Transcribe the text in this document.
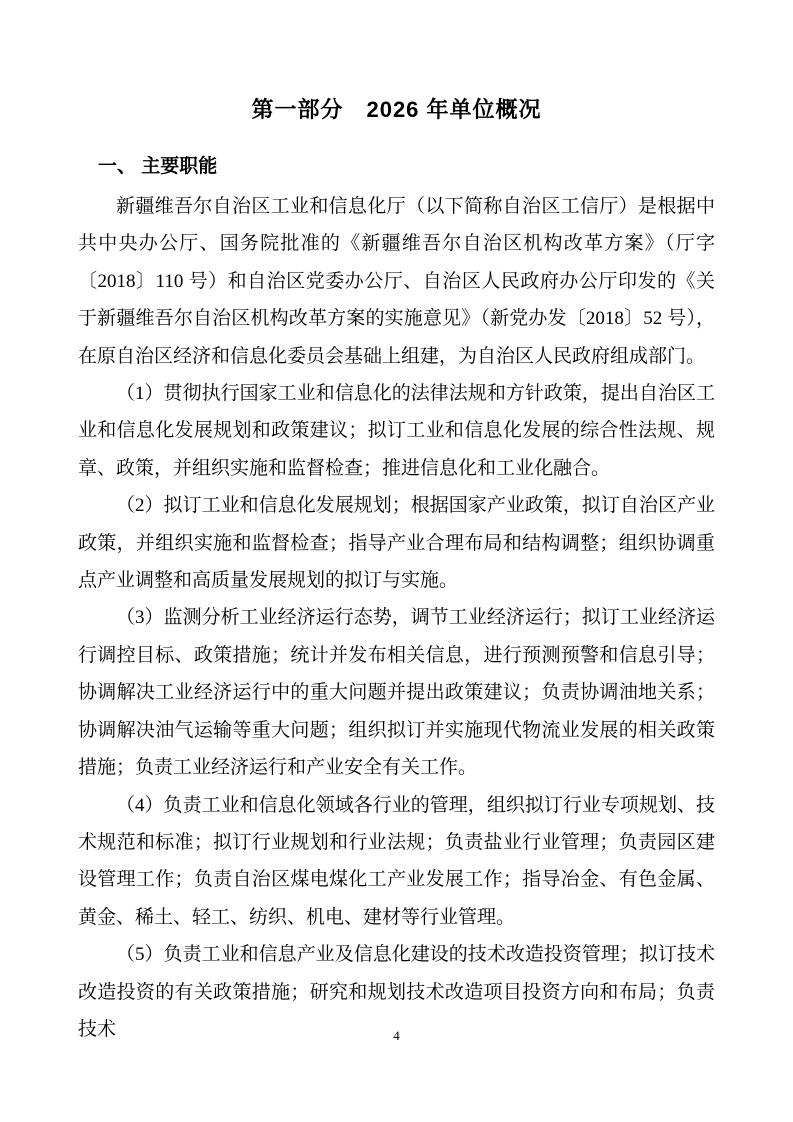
第一部分　2026 年单位概况
一、 主要职能

新疆维吾尔自治区工业和信息化厅（以下简称自治区工信厅）是根据中共中央办公厅、国务院批准的《新疆维吾尔自治区机构改革方案》（厅字〔2018〕110 号）和自治区党委办公厅、自治区人民政府办公厅印发的《关于新疆维吾尔自治区机构改革方案的实施意见》（新党办发〔2018〕52 号），在原自治区经济和信息化委员会基础上组建，为自治区人民政府组成部门。

（1）贯彻执行国家工业和信息化的法律法规和方针政策，提出自治区工业和信息化发展规划和政策建议；拟订工业和信息化发展的综合性法规、规章、政策，并组织实施和监督检查；推进信息化和工业化融合。

（2）拟订工业和信息化发展规划；根据国家产业政策，拟订自治区产业政策，并组织实施和监督检查；指导产业合理布局和结构调整；组织协调重点产业调整和高质量发展规划的拟订与实施。

（3）监测分析工业经济运行态势，调节工业经济运行；拟订工业经济运行调控目标、政策措施；统计并发布相关信息，进行预测预警和信息引导；协调解决工业经济运行中的重大问题并提出政策建议；负责协调油地关系；协调解决油气运输等重大问题；组织拟订并实施现代物流业发展的相关政策措施；负责工业经济运行和产业安全有关工作。

（4）负责工业和信息化领域各行业的管理，组织拟订行业专项规划、技术规范和标准；拟订行业规划和行业法规；负责盐业行业管理；负责园区建设管理工作；负责自治区煤电煤化工产业发展工作；指导冶金、有色金属、黄金、稀土、轻工、纺织、机电、建材等行业管理。

（5）负责工业和信息产业及信息化建设的技术改造投资管理；拟订技术改造投资的有关政策措施；研究和规划技术改造项目投资方向和布局；负责技术	4
